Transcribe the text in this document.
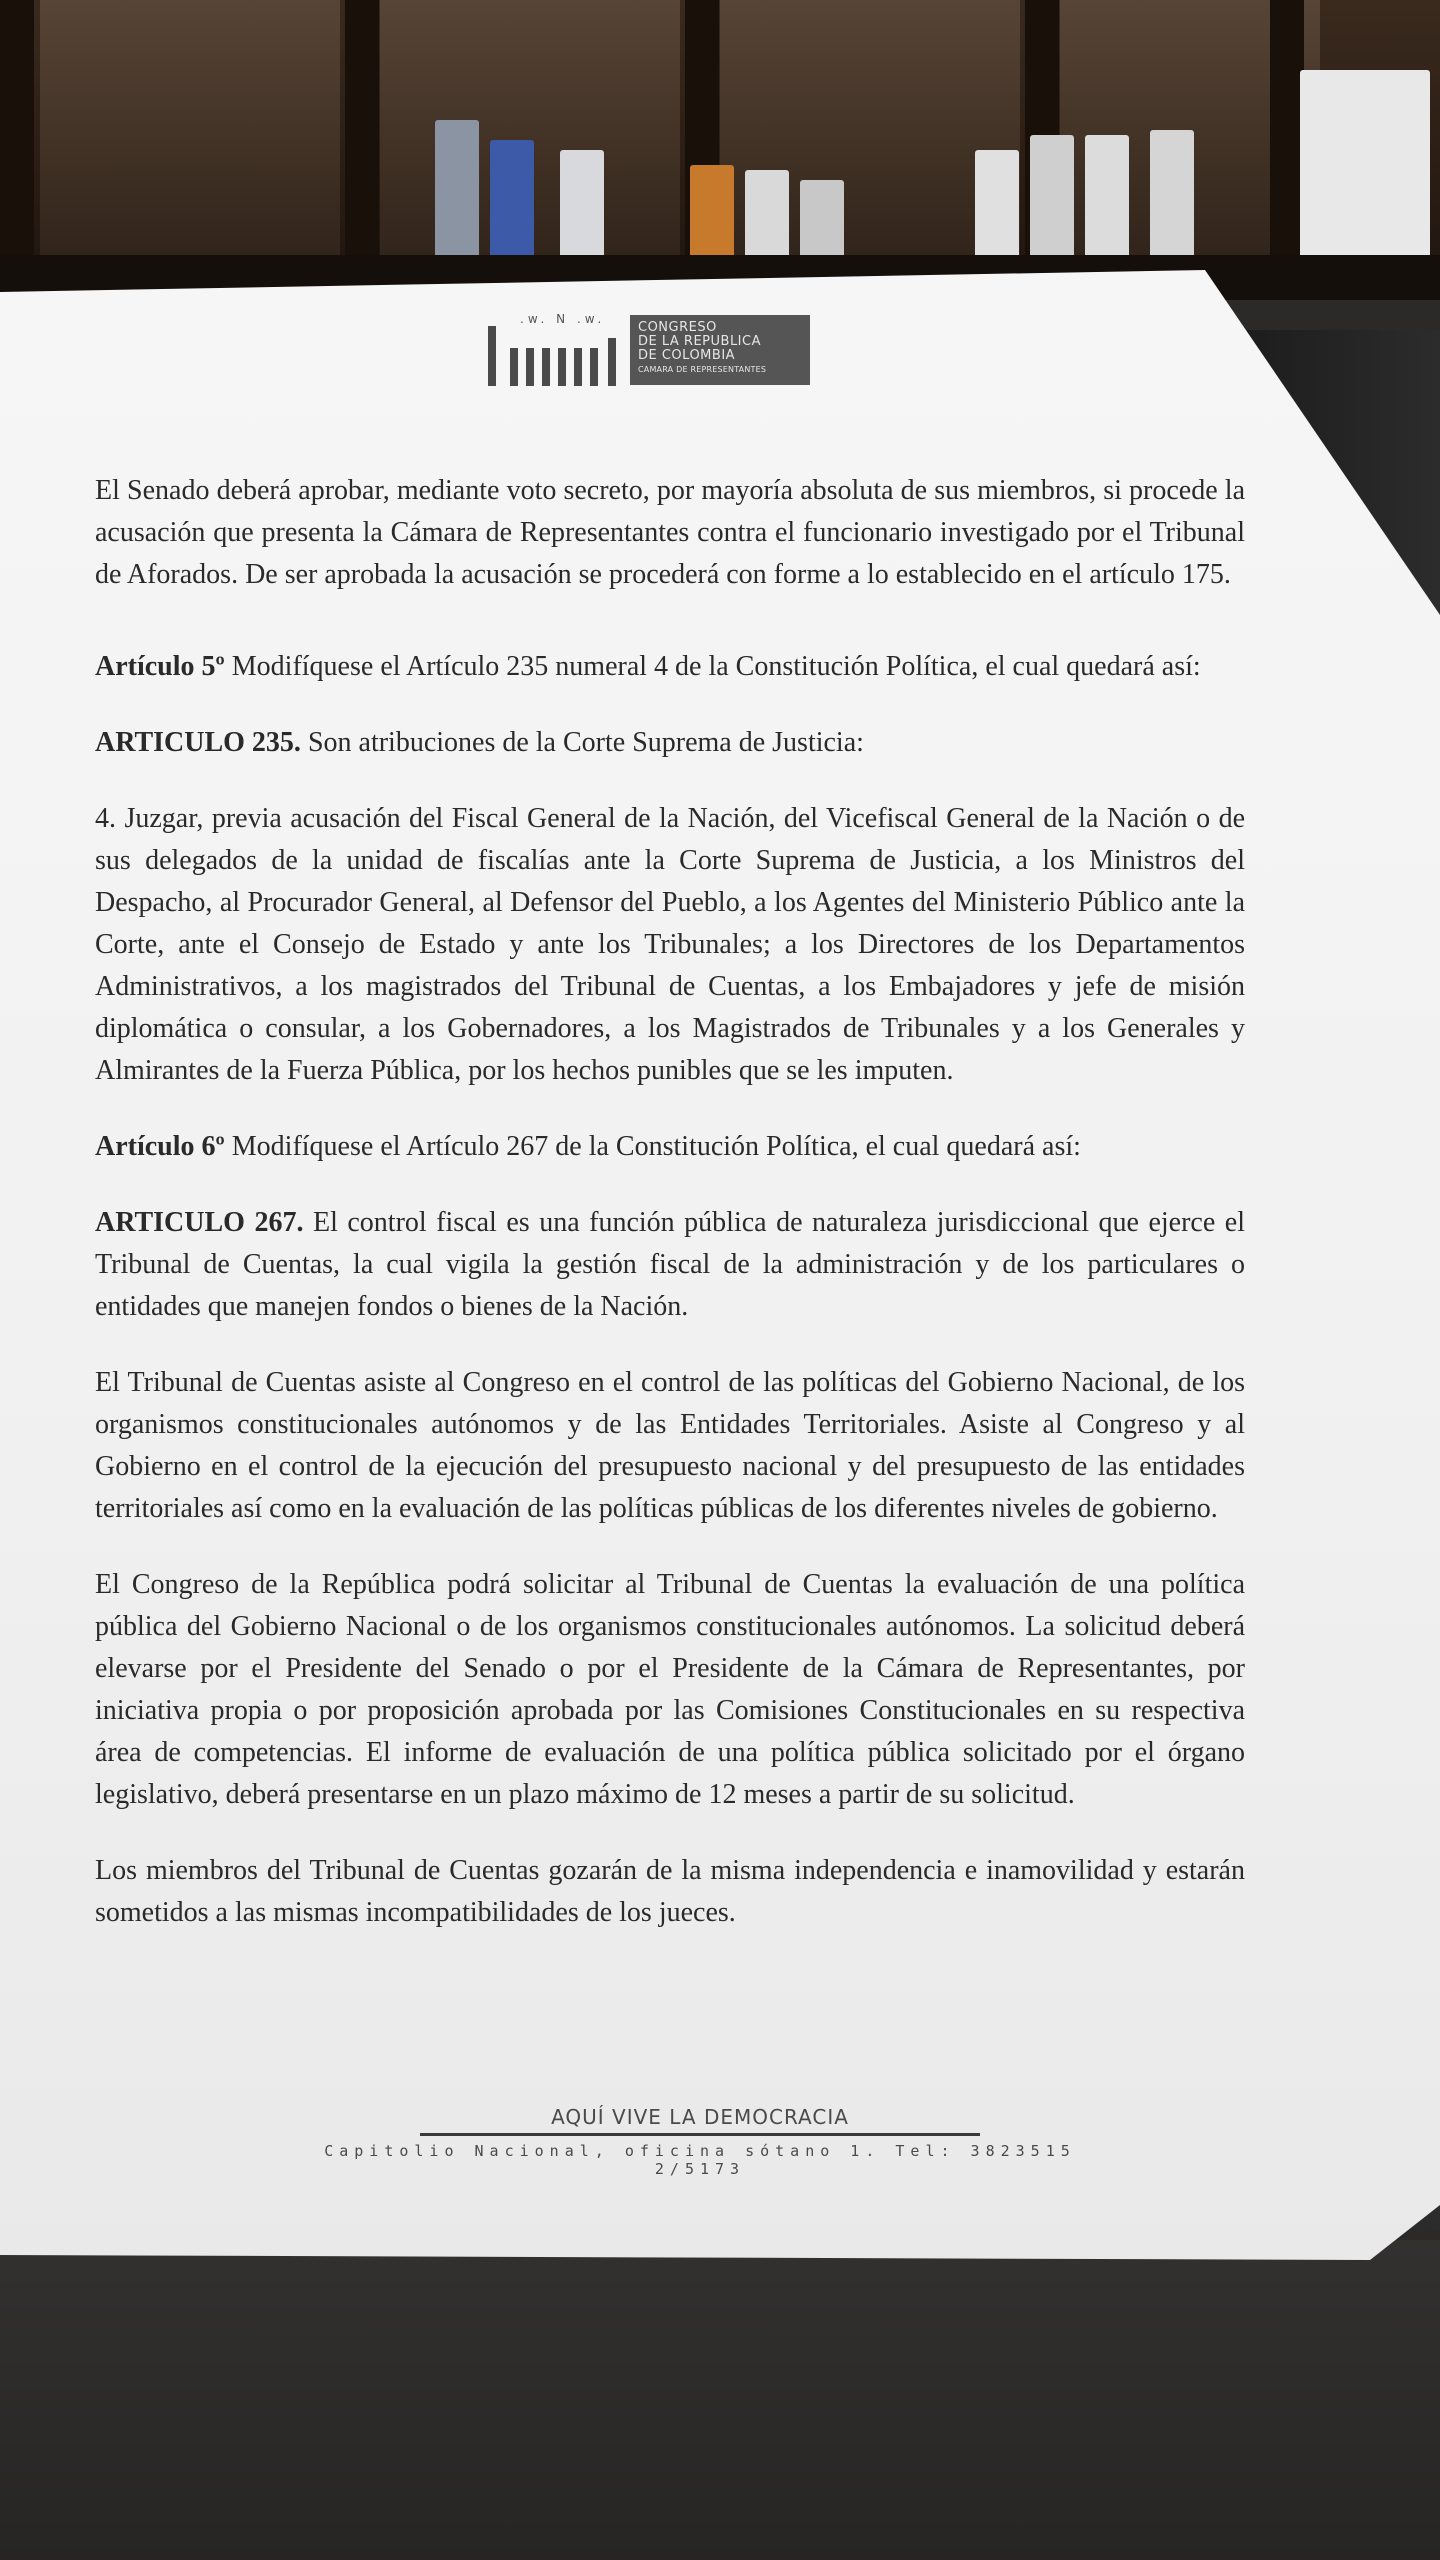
.w. N .w.
CONGRESO
DE LA REPUBLICA
DE COLOMBIA
CAMARA DE REPRESENTANTES

El Senado deberá aprobar, mediante voto secreto, por mayoría absoluta de sus miembros, si procede la acusación que presenta la Cámara de Representantes contra el funcionario investigado por el Tribunal de Aforados. De ser aprobada la acusación se procederá con forme a lo establecido en el artículo 175.

Artículo 5º Modifíquese el Artículo 235 numeral 4 de la Constitución Política, el cual quedará así:

ARTICULO 235. Son atribuciones de la Corte Suprema de Justicia:

4. Juzgar, previa acusación del Fiscal General de la Nación, del Vicefiscal General de la Nación o de sus delegados de la unidad de fiscalías ante la Corte Suprema de Justicia, a los Ministros del Despacho, al Procurador General, al Defensor del Pueblo, a los Agentes del Ministerio Público ante la Corte, ante el Consejo de Estado y ante los Tribunales; a los Directores de los Departamentos Administrativos, a los magistrados del Tribunal de Cuentas, a los Embajadores y jefe de misión diplomática o consular, a los Gobernadores, a los Magistrados de Tribunales y a los Generales y Almirantes de la Fuerza Pública, por los hechos punibles que se les imputen.

Artículo 6º Modifíquese el Artículo 267 de la Constitución Política, el cual quedará así:

ARTICULO 267. El control fiscal es una función pública de naturaleza jurisdiccional que ejerce el Tribunal de Cuentas, la cual vigila la gestión fiscal de la administración y de los particulares o entidades que manejen fondos o bienes de la Nación.

El Tribunal de Cuentas asiste al Congreso en el control de las políticas del Gobierno Nacional, de los organismos constitucionales autónomos y de las Entidades Territoriales. Asiste al Congreso y al Gobierno en el control de la ejecución del presupuesto nacional y del presupuesto de las entidades territoriales así como en la evaluación de las políticas públicas de los diferentes niveles de gobierno.

El Congreso de la República podrá solicitar al Tribunal de Cuentas la evaluación de una política pública del Gobierno Nacional o de los organismos constitucionales autónomos. La solicitud deberá elevarse por el Presidente del Senado o por el Presidente de la Cámara de Representantes, por iniciativa propia o por proposición aprobada por las Comisiones Constitucionales en su respectiva área de competencias. El informe de evaluación de una política pública solicitado por el órgano legislativo, deberá presentarse en un plazo máximo de 12 meses a partir de su solicitud.

Los miembros del Tribunal de Cuentas gozarán de la misma independencia e inamovilidad y estarán sometidos a las mismas incompatibilidades de los jueces.

AQUÍ VIVE LA DEMOCRACIA
Capitolio Nacional, oficina sótano 1. Tel: 3823515 2/5173
